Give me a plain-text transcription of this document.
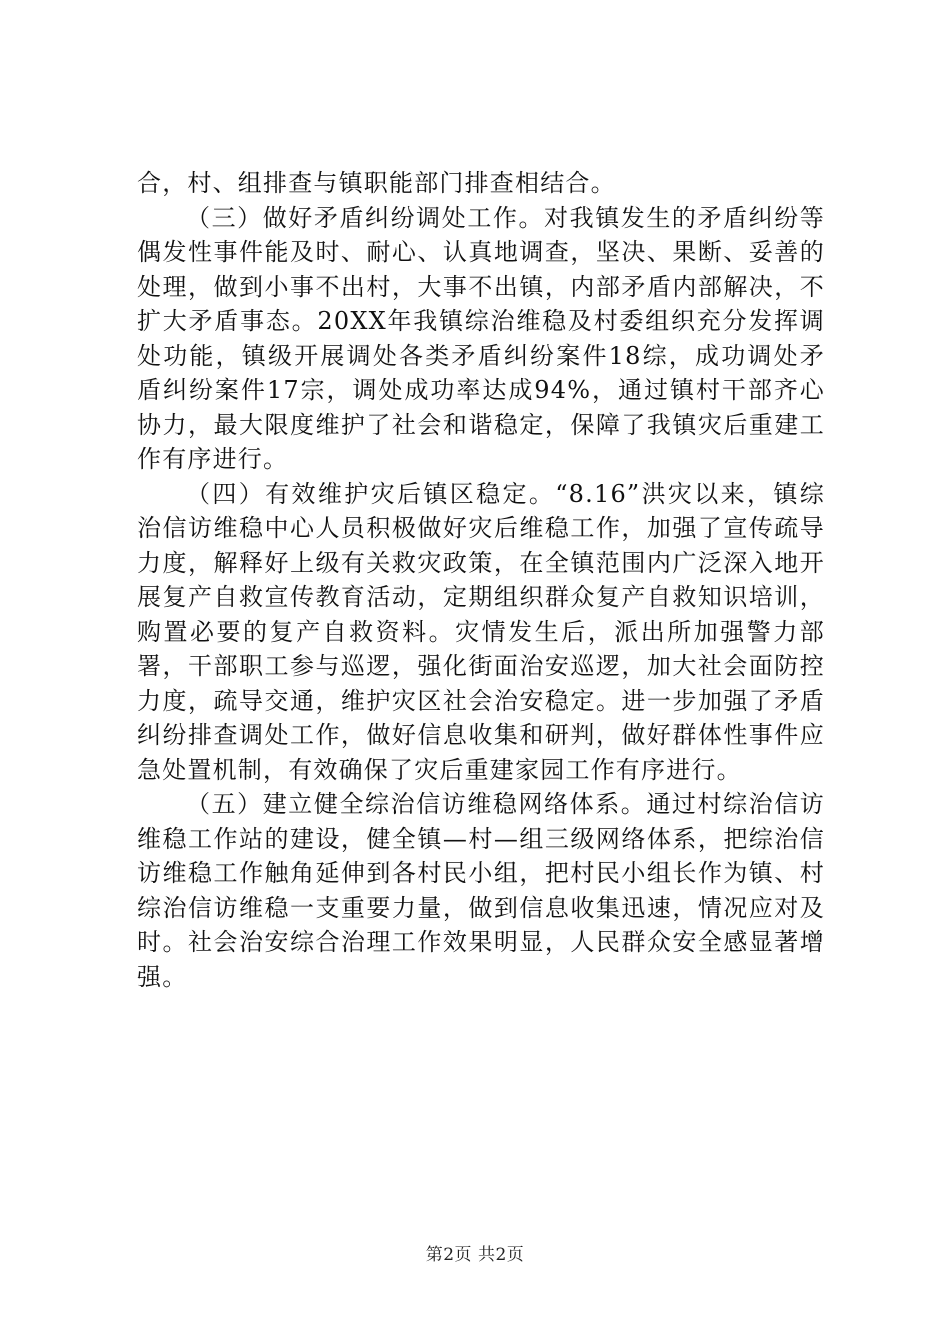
合，村、组排查与镇职能部门排查相结合。

（三）做好矛盾纠纷调处工作。对我镇发生的矛盾纠纷等偶发性事件能及时、耐心、认真地调查，坚决、果断、妥善的处理，做到小事不出村，大事不出镇，内部矛盾内部解决，不扩大矛盾事态。20XX年我镇综治维稳及村委组织充分发挥调处功能，镇级开展调处各类矛盾纠纷案件18综，成功调处矛盾纠纷案件17宗，调处成功率达成94%，通过镇村干部齐心协力，最大限度维护了社会和谐稳定，保障了我镇灾后重建工作有序进行。

（四）有效维护灾后镇区稳定。“8.16”洪灾以来，镇综治信访维稳中心人员积极做好灾后维稳工作，加强了宣传疏导力度，解释好上级有关救灾政策，在全镇范围内广泛深入地开展复产自救宣传教育活动，定期组织群众复产自救知识培训，购置必要的复产自救资料。灾情发生后，派出所加强警力部署，干部职工参与巡逻，强化街面治安巡逻，加大社会面防控力度，疏导交通，维护灾区社会治安稳定。进一步加强了矛盾纠纷排查调处工作，做好信息收集和研判，做好群体性事件应急处置机制，有效确保了灾后重建家园工作有序进行。

（五）建立健全综治信访维稳网络体系。通过村综治信访维稳工作站的建设，健全镇—村—组三级网络体系，把综治信访维稳工作触角延伸到各村民小组，把村民小组长作为镇、村综治信访维稳一支重要力量，做到信息收集迅速，情况应对及时。社会治安综合治理工作效果明显，人民群众安全感显著增强。

第2页 共2页
